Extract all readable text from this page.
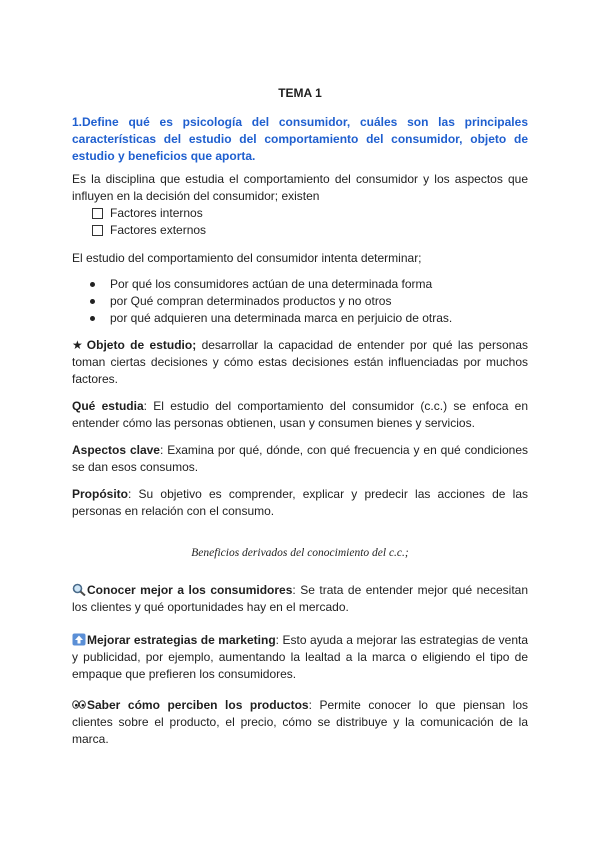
TEMA 1
1.Define qué es psicología del consumidor, cuáles son las principales características del estudio del comportamiento del consumidor, objeto de estudio y beneficios que aporta.
Es la disciplina que estudia el comportamiento del consumidor y los aspectos que influyen en la decisión del consumidor; existen
Factores internos
Factores externos
El estudio del comportamiento del consumidor intenta determinar;
Por qué los consumidores actúan de una determinada forma
por Qué compran determinados productos y no otros
por qué adquieren una determinada marca en perjuicio de otras.
★ Objeto de estudio; desarrollar la capacidad de entender por qué las personas toman ciertas decisiones y cómo estas decisiones están influenciadas por muchos factores.
Qué estudia: El estudio del comportamiento del consumidor (c.c.) se enfoca en entender cómo las personas obtienen, usan y consumen bienes y servicios.
Aspectos clave: Examina por qué, dónde, con qué frecuencia y en qué condiciones se dan esos consumos.
Propósito: Su objetivo es comprender, explicar y predecir las acciones de las personas en relación con el consumo.
Beneficios derivados del conocimiento del c.c.;
Conocer mejor a los consumidores: Se trata de entender mejor qué necesitan los clientes y qué oportunidades hay en el mercado.
Mejorar estrategias de marketing: Esto ayuda a mejorar las estrategias de venta y publicidad, por ejemplo, aumentando la lealtad a la marca o eligiendo el tipo de empaque que prefieren los consumidores.
Saber cómo perciben los productos: Permite conocer lo que piensan los clientes sobre el producto, el precio, cómo se distribuye y la comunicación de la marca.
